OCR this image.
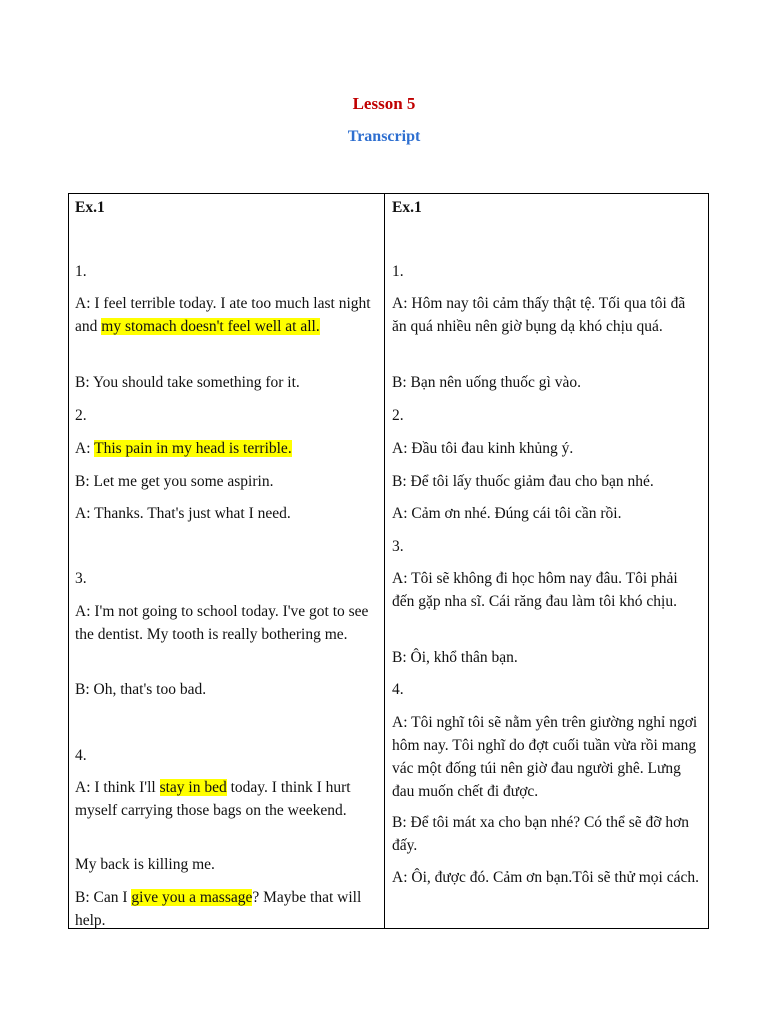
Lesson 5
Transcript

Ex.1

1.

A: I feel terrible today. I ate too much last night and my stomach doesn't feel well at all.

B: You should take something for it.

2.

A: This pain in my head is terrible.

B: Let me get you some aspirin.

A: Thanks. That's just what I need.

3.

A: I'm not going to school today. I've got to see the dentist. My tooth is really bothering me.

B: Oh, that's too bad.

4.

A: I think I'll stay in bed today. I think I hurt myself carrying those bags on the weekend.

My back is killing me.

B: Can I give you a massage? Maybe that will help.

Ex.1

1.

A: Hôm nay tôi cảm thấy thật tệ. Tối qua tôi đã ăn quá nhiều nên giờ bụng dạ khó chịu quá.

B: Bạn nên uống thuốc gì vào.

2.

A: Đầu tôi đau kinh khủng ý.

B: Để tôi lấy thuốc giảm đau cho bạn nhé.

A: Cảm ơn nhé. Đúng cái tôi cần rồi.

3.

A: Tôi sẽ không đi học hôm nay đâu. Tôi phải đến gặp nha sĩ. Cái răng đau làm tôi khó chịu.

B: Ôi, khổ thân bạn.

4.

A: Tôi nghĩ tôi sẽ nằm yên trên giường nghỉ ngơi hôm nay. Tôi nghĩ do đợt cuối tuần vừa rồi mang vác một đống túi nên giờ đau người ghê. Lưng đau muốn chết đi được.

B: Để tôi mát xa cho bạn nhé? Có thể sẽ đỡ hơn đấy.

A: Ôi, được đó. Cảm ơn bạn.Tôi sẽ thử mọi cách.
